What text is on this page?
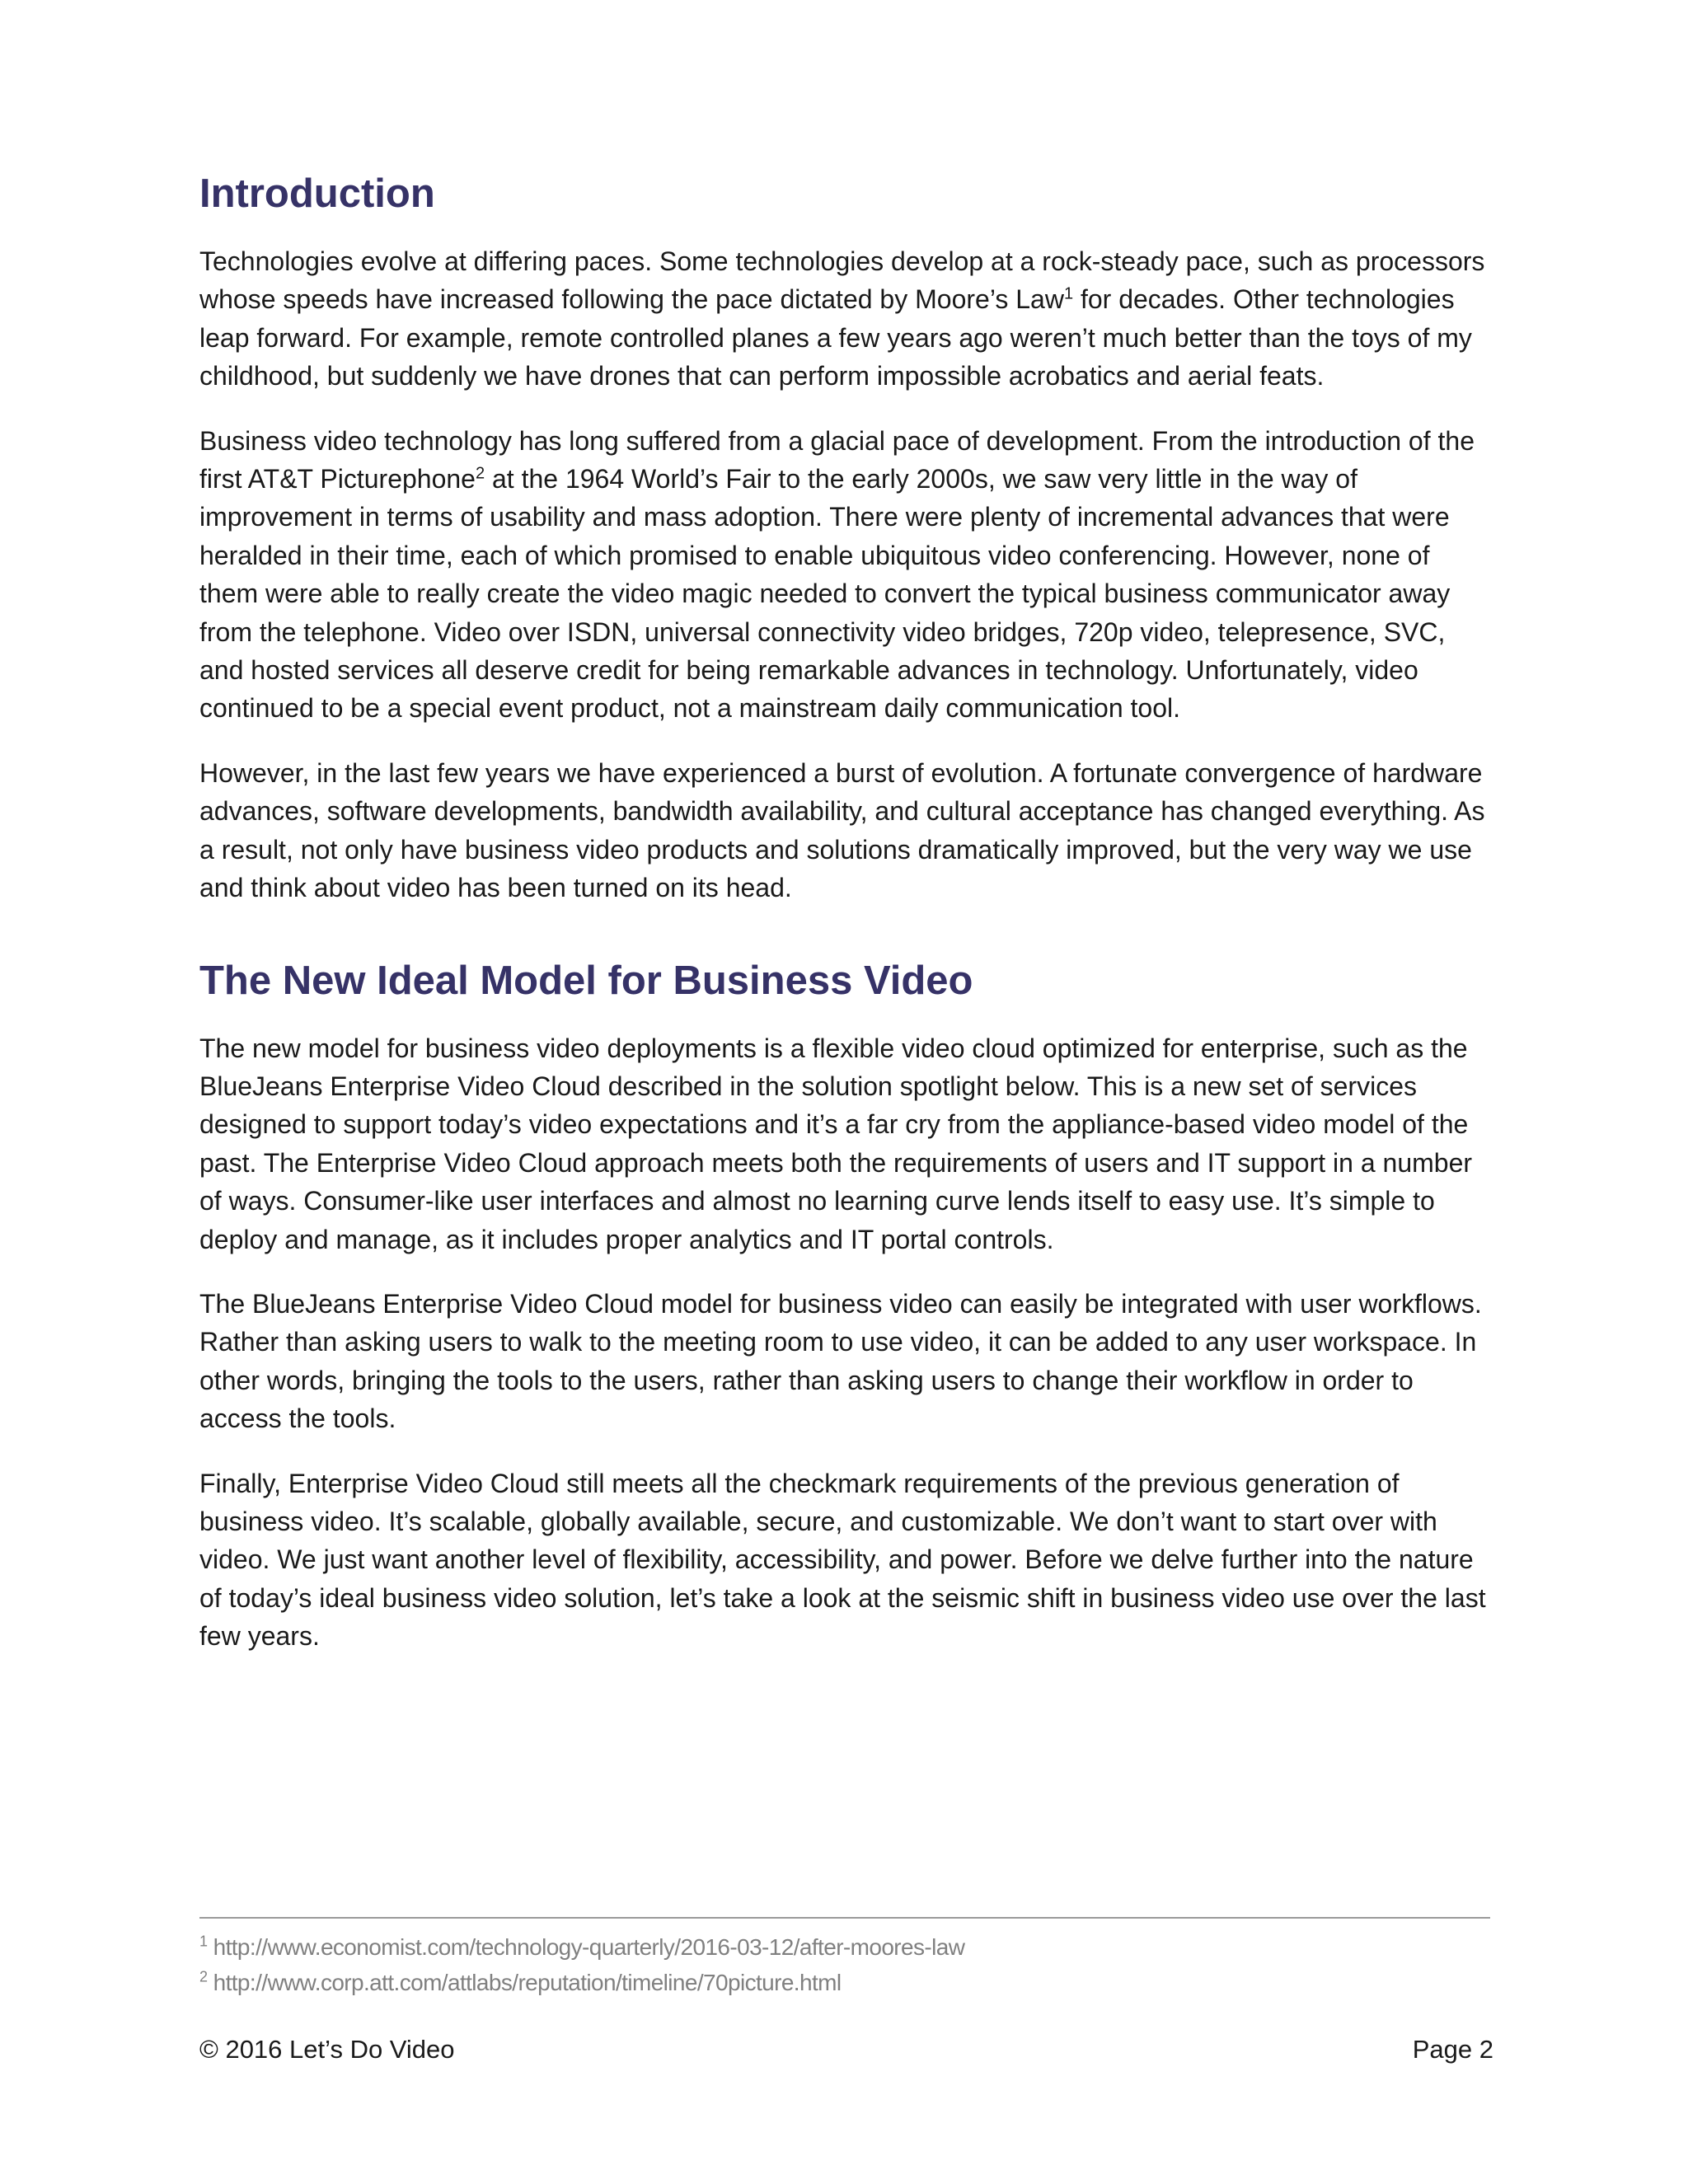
Introduction

Technologies evolve at differing paces. Some technologies develop at a rock-steady pace, such as processors whose speeds have increased following the pace dictated by Moore’s Law$^1$ for decades. Other technologies leap forward. For example, remote controlled planes a few years ago weren’t much better than the toys of my childhood, but suddenly we have drones that can perform impossible acrobatics and aerial feats.

Business video technology has long suffered from a glacial pace of development. From the introduction of the first AT&T Picturephone$^2$ at the 1964 World’s Fair to the early 2000s, we saw very little in the way of improvement in terms of usability and mass adoption. There were plenty of incremental advances that were heralded in their time, each of which promised to enable ubiquitous video conferencing. However, none of them were able to really create the video magic needed to convert the typical business communicator away from the telephone. Video over ISDN, universal connectivity video bridges, 720p video, telepresence, SVC, and hosted services all deserve credit for being remarkable advances in technology. Unfortunately, video continued to be a special event product, not a mainstream daily communication tool.

However, in the last few years we have experienced a burst of evolution. A fortunate convergence of hardware advances, software developments, bandwidth availability, and cultural acceptance has changed everything. As a result, not only have business video products and solutions dramatically improved, but the very way we use and think about video has been turned on its head.

The New Ideal Model for Business Video

The new model for business video deployments is a flexible video cloud optimized for enterprise, such as the BlueJeans Enterprise Video Cloud described in the solution spotlight below. This is a new set of services designed to support today’s video expectations and it’s a far cry from the appliance-based video model of the past. The Enterprise Video Cloud approach meets both the requirements of users and IT support in a number of ways. Consumer-like user interfaces and almost no learning curve lends itself to easy use. It’s simple to deploy and manage, as it includes proper analytics and IT portal controls.

The BlueJeans Enterprise Video Cloud model for business video can easily be integrated with user workflows. Rather than asking users to walk to the meeting room to use video, it can be added to any user workspace. In other words, bringing the tools to the users, rather than asking users to change their workflow in order to access the tools.

Finally, Enterprise Video Cloud still meets all the checkmark requirements of the previous generation of business video. It’s scalable, globally available, secure, and customizable. We don’t want to start over with video. We just want another level of flexibility, accessibility, and power. Before we delve further into the nature of today’s ideal business video solution, let’s take a look at the seismic shift in business video use over the last few years.

$^1$ http://www.economist.com/technology-quarterly/2016-03-12/after-moores-law
$^2$ http://www.corp.att.com/attlabs/reputation/timeline/70picture.html
© 2016 Let’s Do Video	Page 2
